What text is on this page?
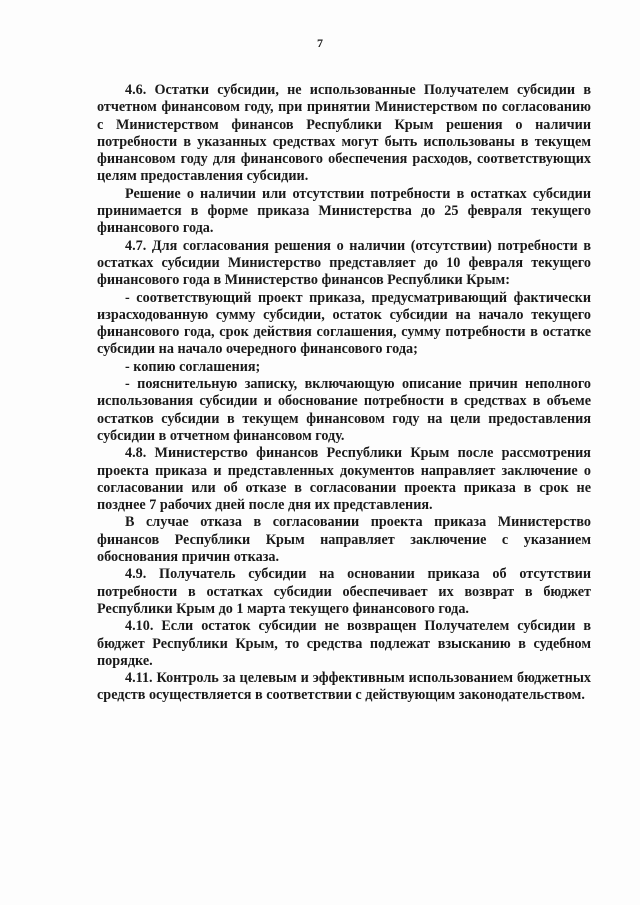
7

4.6. Остатки субсидии, не использованные Получателем субсидии в отчетном финансовом году, при принятии Министерством по согласованию с Министерством финансов Республики Крым решения о наличии потребности в указанных средствах могут быть использованы в текущем финансовом году для финансового обеспечения расходов, соответствующих целям предоставления субсидии.

Решение о наличии или отсутствии потребности в остатках субсидии принимается в форме приказа Министерства до 25 февраля текущего финансового года.

4.7. Для согласования решения о наличии (отсутствии) потребности в остатках субсидии Министерство представляет до 10 февраля текущего финансового года в Министерство финансов Республики Крым:

- соответствующий проект приказа, предусматривающий фактически израсходованную сумму субсидии, остаток субсидии на начало текущего финансового года, срок действия соглашения, сумму потребности в остатке субсидии на начало очередного финансового года;

- копию соглашения;

- пояснительную записку, включающую описание причин неполного использования субсидии и обоснование потребности в средствах в объеме остатков субсидии в текущем финансовом году на цели предоставления субсидии в отчетном финансовом году.

4.8. Министерство финансов Республики Крым после рассмотрения проекта приказа и представленных документов направляет заключение о согласовании или об отказе в согласовании проекта приказа в срок не позднее 7 рабочих дней после дня их представления.

В случае отказа в согласовании проекта приказа Министерство финансов Республики Крым направляет заключение с указанием обоснования причин отказа.

4.9. Получатель субсидии на основании приказа об отсутствии потребности в остатках субсидии обеспечивает их возврат в бюджет Республики Крым до 1 марта текущего финансового года.

4.10. Если остаток субсидии не возвращен Получателем субсидии в бюджет Республики Крым, то средства подлежат взысканию в судебном порядке.

4.11. Контроль за целевым и эффективным использованием бюджетных средств осуществляется в соответствии с действующим законодательством.
